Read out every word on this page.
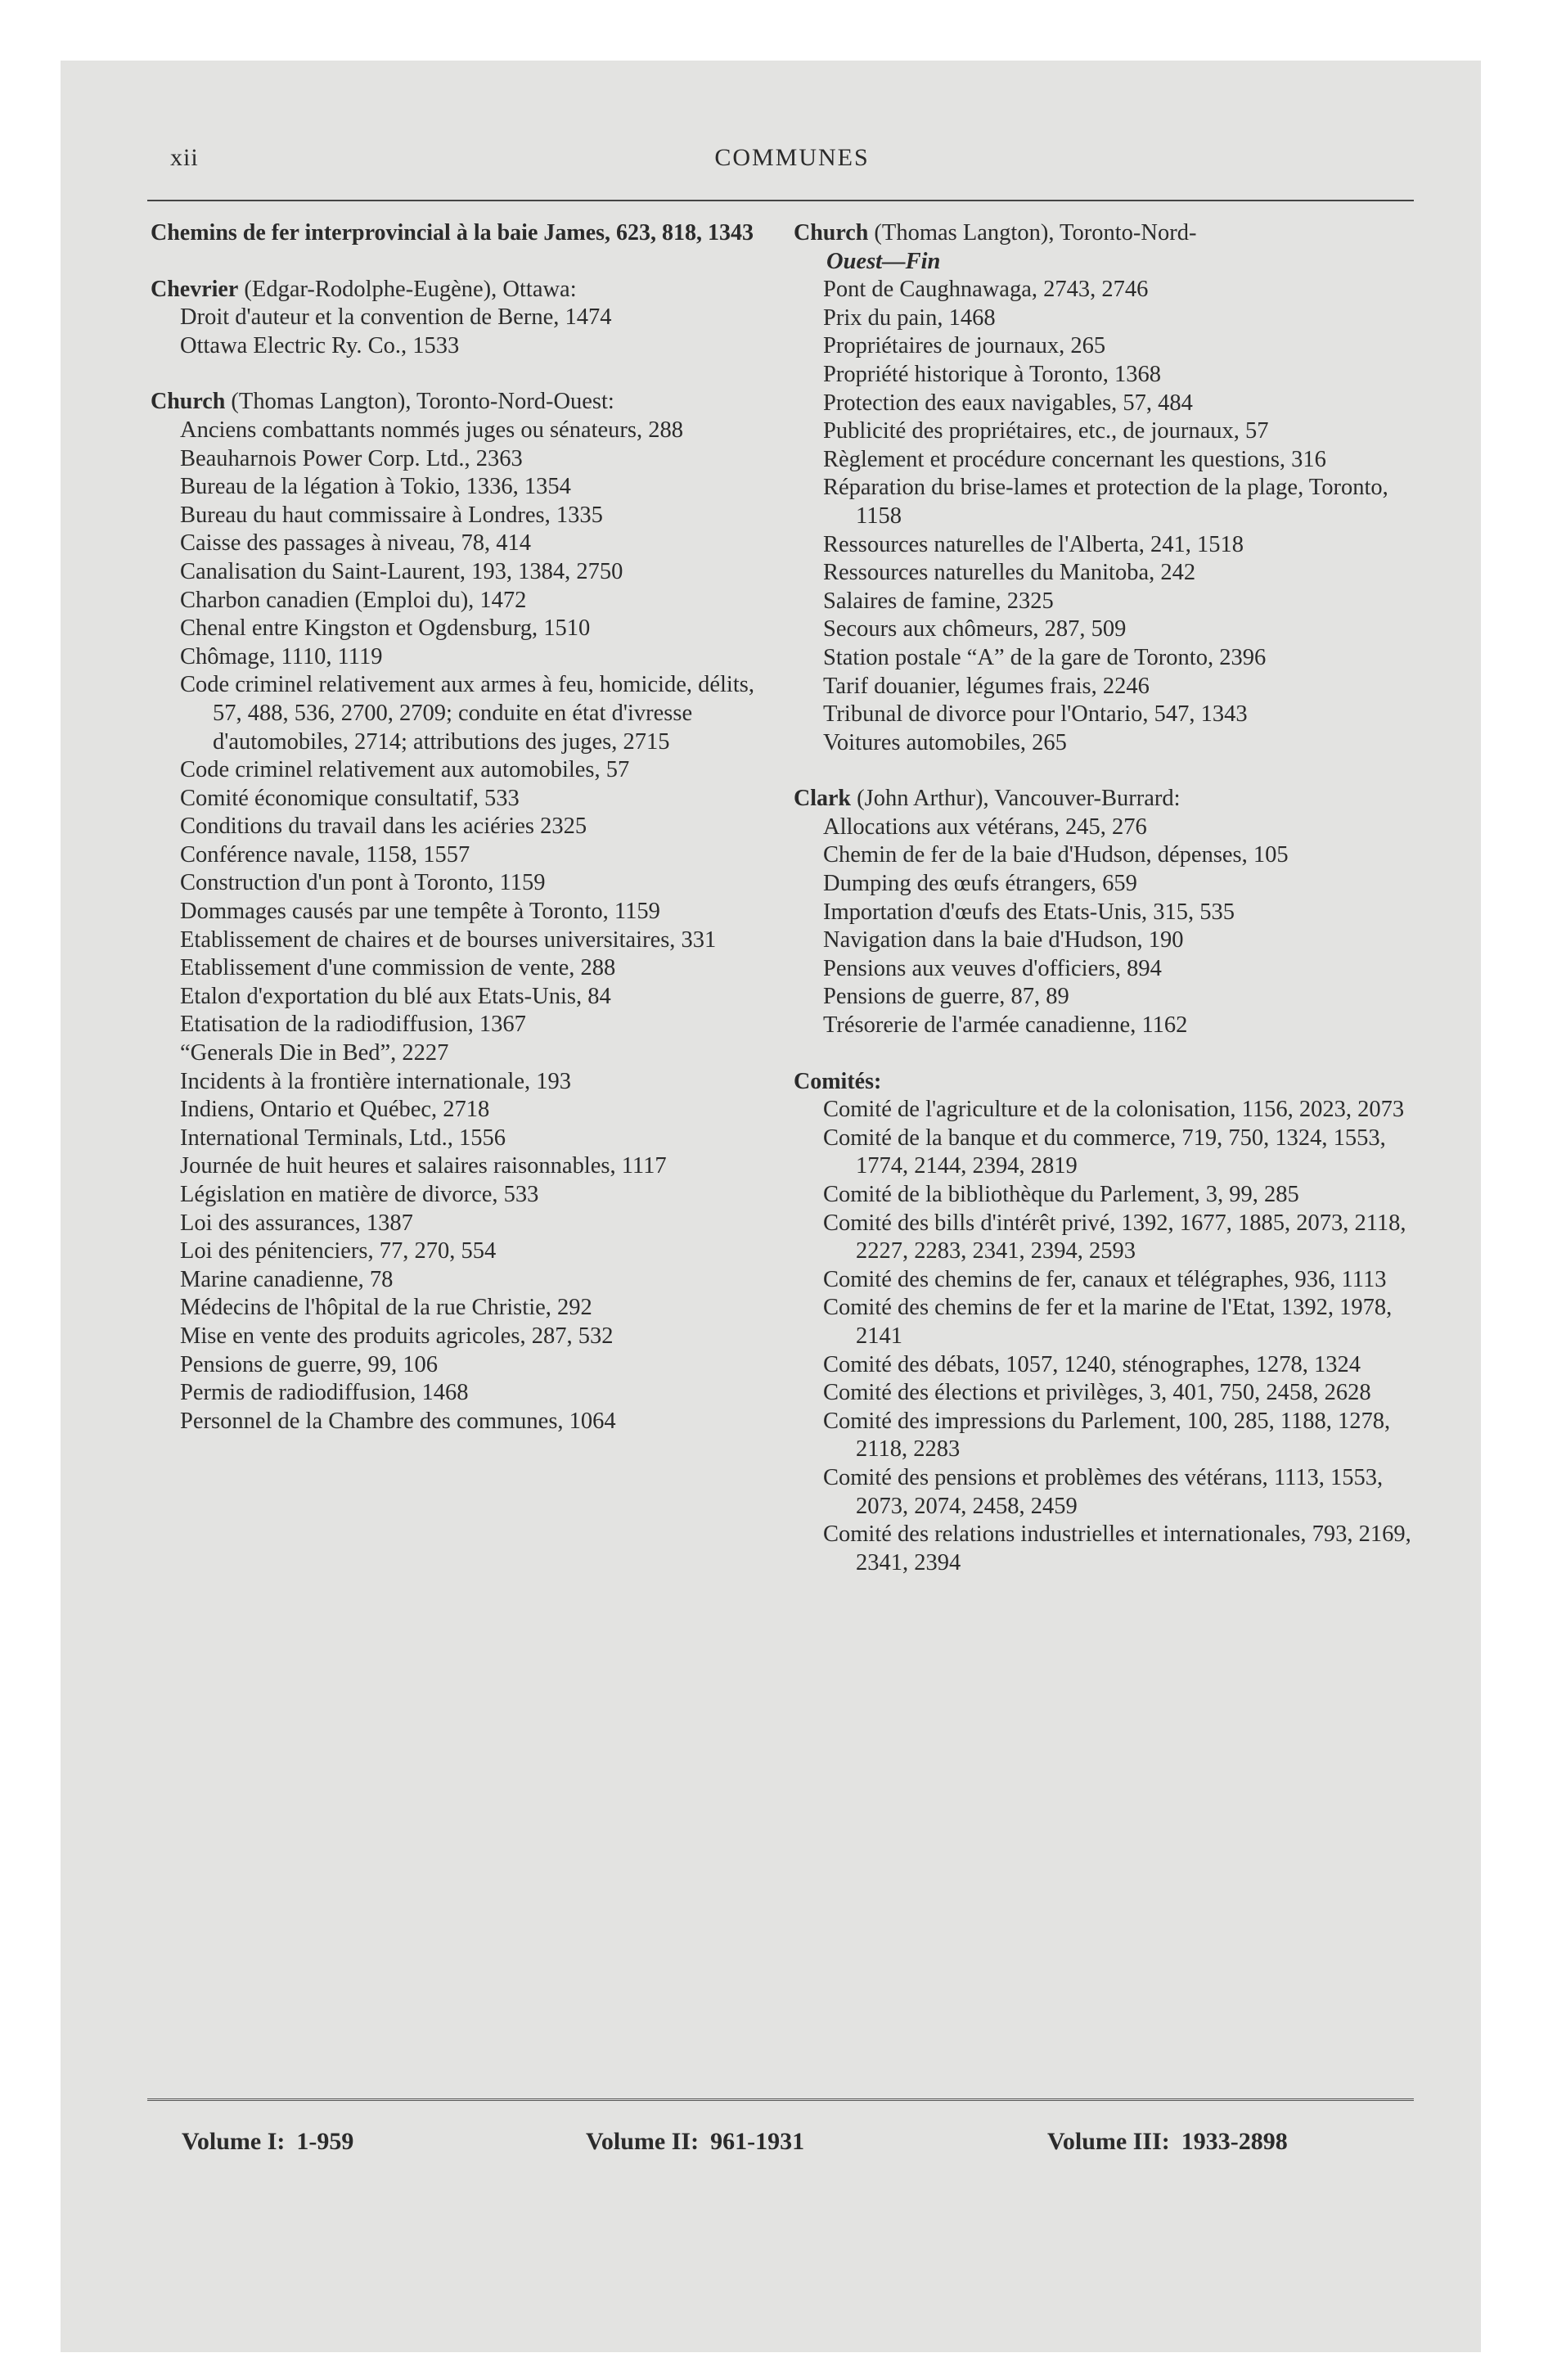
xii	COMMUNES
Chemins de fer interprovincial à la baie James, 623, 818, 1343
Chevrier (Edgar-Rodolphe-Eugène), Ottawa:
Droit d'auteur et la convention de Berne, 1474
Ottawa Electric Ry. Co., 1533
Church (Thomas Langton), Toronto-Nord-Ouest:
Anciens combattants nommés juges ou sénateurs, 288
Beauharnois Power Corp. Ltd., 2363
Bureau de la légation à Tokio, 1336, 1354
Bureau du haut commissaire à Londres, 1335
Caisse des passages à niveau, 78, 414
Canalisation du Saint-Laurent, 193, 1384, 2750
Charbon canadien (Emploi du), 1472
Chenal entre Kingston et Ogdensburg, 1510
Chômage, 1110, 1119
Code criminel relativement aux armes à feu, homicide, délits, 57, 488, 536, 2700, 2709; conduite en état d'ivresse d'automobiles, 2714; attributions des juges, 2715
Code criminel relativement aux automobiles, 57
Comité économique consultatif, 533
Conditions du travail dans les aciéries 2325
Conférence navale, 1158, 1557
Construction d'un pont à Toronto, 1159
Dommages causés par une tempête à Toronto, 1159
Etablissement de chaires et de bourses universitaires, 331
Etablissement d'une commission de vente, 288
Etalon d'exportation du blé aux Etats-Unis, 84
Etatisation de la radiodiffusion, 1367
“Generals Die in Bed”, 2227
Incidents à la frontière internationale, 193
Indiens, Ontario et Québec, 2718
International Terminals, Ltd., 1556
Journée de huit heures et salaires raisonnables, 1117
Législation en matière de divorce, 533
Loi des assurances, 1387
Loi des pénitenciers, 77, 270, 554
Marine canadienne, 78
Médecins de l'hôpital de la rue Christie, 292
Mise en vente des produits agricoles, 287, 532
Pensions de guerre, 99, 106
Permis de radiodiffusion, 1468
Personnel de la Chambre des communes, 1064
Church (Thomas Langton), Toronto-Nord-
Ouest—Fin
Pont de Caughnawaga, 2743, 2746
Prix du pain, 1468
Propriétaires de journaux, 265
Propriété historique à Toronto, 1368
Protection des eaux navigables, 57, 484
Publicité des propriétaires, etc., de journaux, 57
Règlement et procédure concernant les questions, 316
Réparation du brise-lames et protection de la plage, Toronto, 1158
Ressources naturelles de l'Alberta, 241, 1518
Ressources naturelles du Manitoba, 242
Salaires de famine, 2325
Secours aux chômeurs, 287, 509
Station postale “A” de la gare de Toronto, 2396
Tarif douanier, légumes frais, 2246
Tribunal de divorce pour l'Ontario, 547, 1343
Voitures automobiles, 265
Clark (John Arthur), Vancouver-Burrard:
Allocations aux vétérans, 245, 276
Chemin de fer de la baie d'Hudson, dépenses, 105
Dumping des œufs étrangers, 659
Importation d'œufs des Etats-Unis, 315, 535
Navigation dans la baie d'Hudson, 190
Pensions aux veuves d'officiers, 894
Pensions de guerre, 87, 89
Trésorerie de l'armée canadienne, 1162
Comités:
Comité de l'agriculture et de la colonisation, 1156, 2023, 2073
Comité de la banque et du commerce, 719, 750, 1324, 1553, 1774, 2144, 2394, 2819
Comité de la bibliothèque du Parlement, 3, 99, 285
Comité des bills d'intérêt privé, 1392, 1677, 1885, 2073, 2118, 2227, 2283, 2341, 2394, 2593
Comité des chemins de fer, canaux et télégraphes, 936, 1113
Comité des chemins de fer et la marine de l'Etat, 1392, 1978, 2141
Comité des débats, 1057, 1240, sténographes, 1278, 1324
Comité des élections et privilèges, 3, 401, 750, 2458, 2628
Comité des impressions du Parlement, 100, 285, 1188, 1278, 2118, 2283
Comité des pensions et problèmes des vétérans, 1113, 1553, 2073, 2074, 2458, 2459
Comité des relations industrielles et internationales, 793, 2169, 2341, 2394
Volume I: 1-959	Volume II: 961-1931	Volume III: 1933-2898
